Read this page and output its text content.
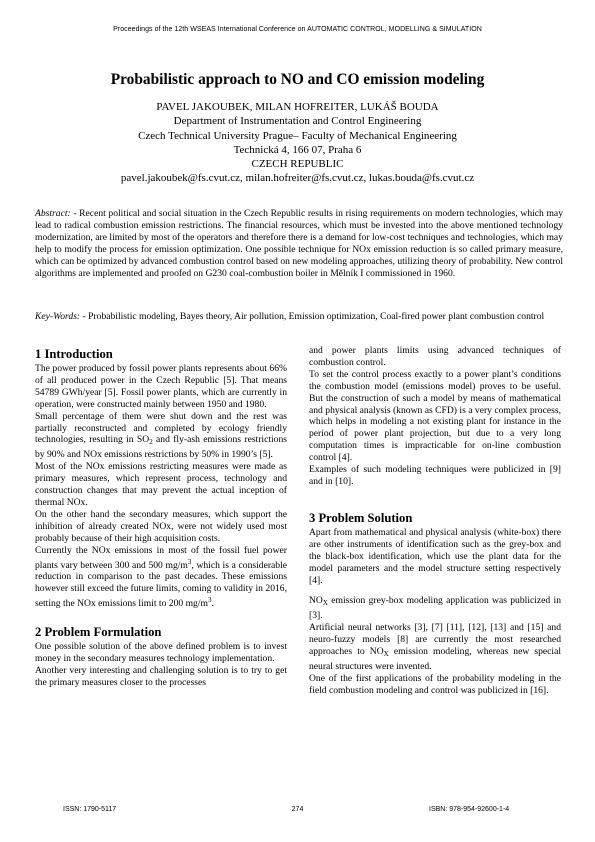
Proceedings of the 12th WSEAS International Conference on AUTOMATIC CONTROL, MODELLING & SIMULATION
Probabilistic approach to NO and CO emission modeling
PAVEL JAKOUBEK, MILAN HOFREITER, LUKÁŠ BOUDA
Department of Instrumentation and Control Engineering
Czech Technical University Prague– Faculty of Mechanical Engineering
Technická 4, 166 07, Praha 6
CZECH REPUBLIC
pavel.jakoubek@fs.cvut.cz, milan.hofreiter@fs.cvut.cz, lukas.bouda@fs.cvut.cz
Abstract: - Recent political and social situation in the Czech Republic results in rising requirements on modern technologies, which may lead to radical combustion emission restrictions. The financial resources, which must be invested into the above mentioned technology modernization, are limited by most of the operators and therefore there is a demand for low-cost techniques and technologies, which may help to modify the process for emission optimization. One possible technique for NOx emission reduction is so called primary measure, which can be optimized by advanced combustion control based on new modeling approaches, utilizing theory of probability. New control algorithms are implemented and proofed on G230 coal-combustion boiler in Mělník I commissioned in 1960.
Key-Words: - Probabilistic modeling, Bayes theory, Air pollution, Emission optimization, Coal-fired power plant combustion control
1 Introduction

The power produced by fossil power plants represents about 66% of all produced power in the Czech Republic [5]. That means 54789 GWh/year [5]. Fossil power plants, which are currently in operation, were constructed mainly between 1950 and 1980.

Small percentage of them were shut down and the rest was partially reconstructed and completed by ecology friendly technologies, resulting in $SO_2$ and fly-ash emissions restrictions by 90% and NOx emissions restrictions by 50% in 1990’s [5].

Most of the NOx emissions restricting measures were made as primary measures, which represent process, technology and construction changes that may prevent the actual inception of thermal NOx.

On the other hand the secondary measures, which support the inhibition of already created NOx, were not widely used most probably because of their high acquisition costs.

Currently the NOx emissions in most of the fossil fuel power plants vary between 300 and 500 $mg/m^3$, which is a considerable reduction in comparison to the past decades. These emissions however still exceed the future limits, coming to validity in 2016, setting the NOx emissions limit to 200 $mg/m^3$.

2 Problem Formulation

One possible solution of the above defined problem is to invest money in the secondary measures technology implementation.

Another very interesting and challenging solution is to try to get the primary measures closer to the processes

and power plants limits using advanced techniques of combustion control.

To set the control process exactly to a power plant’s conditions the combustion model (emissions model) proves to be useful. But the construction of such a model by means of mathematical and physical analysis (known as CFD) is a very complex process, which helps in modeling a not existing plant for instance in the period of power plant projection, but due to a very long computation times is impracticable for on-line combustion control [4].

Examples of such modeling techniques were publicized in [9] and in [10].

3 Problem Solution

Apart from mathematical and physical analysis (white-box) there are other instruments of identification such as the grey-box and the black-box identification, which use the plant data for the model parameters and the model structure setting respectively [4].

$NO_X$ emission grey-box modeling application was publicized in [3].

Artificial neural networks [3], [7] [11], [12], [13] and [15] and neuro-fuzzy models [8] are currently the most researched approaches to $NO_X$ emission modeling, whereas new special neural structures were invented.

One of the first applications of the probability modeling in the field combustion modeling and control was publicized in [16].

ISSN: 1790-5117	274	ISBN: 978-954-92600-1-4
